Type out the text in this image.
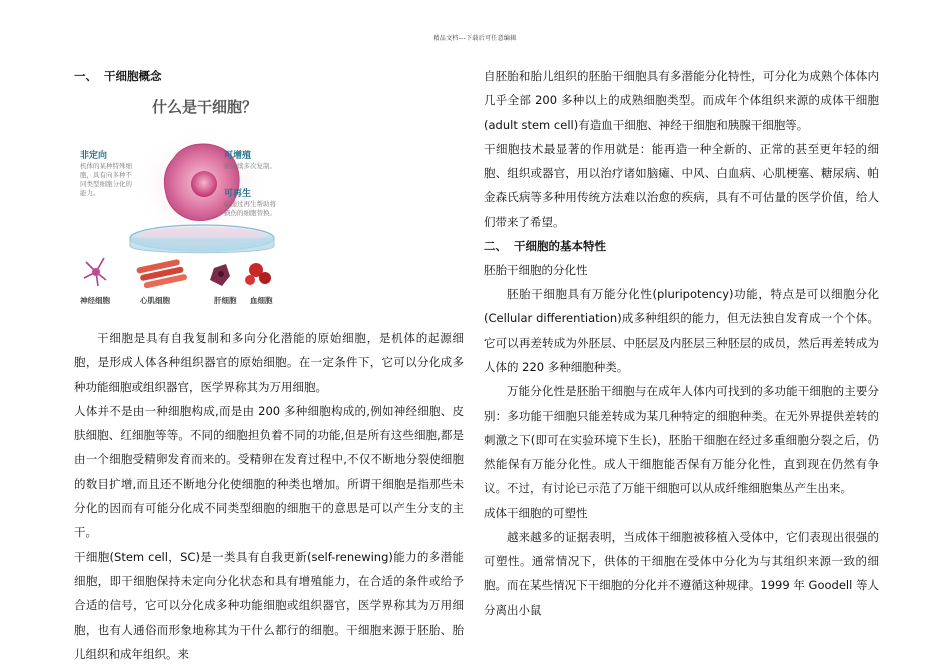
精品文档---下载后可任意编辑
一、 干细胞概念
什么是干细胞？
非定向
机体的某种特殊细
胞，具有向多种不
同类型细胞分化的
能力。
可增殖
能持续多次复制。
可再生
能通过再生帮助将
损伤的细胞替换。
神经细胞	心肌细胞	肝细胞 血细胞

干细胞是具有自我复制和多向分化潜能的原始细胞，是机体的起源细胞，是形成人体各种组织器官的原始细胞。在一定条件下，它可以分化成多种功能细胞或组织器官，医学界称其为万用细胞。

人体并不是由一种细胞构成,而是由 200 多种细胞构成的,例如神经细胞、皮肤细胞、红细胞等等。不同的细胞担负着不同的功能,但是所有这些细胞,都是由一个细胞受精卵发育而来的。受精卵在发育过程中,不仅不断地分裂使细胞的数目扩增,而且还不断地分化使细胞的种类也增加。所谓干细胞是指那些未分化的因而有可能分化成不同类型细胞的细胞干的意思是可以产生分支的主干。

干细胞(Stem cell，SC)是一类具有自我更新(self-renewing)能力的多潜能细胞，即干细胞保持未定向分化状态和具有增殖能力，在合适的条件或给予合适的信号，它可以分化成多种功能细胞或组织器官，医学界称其为万用细胞，也有人通俗而形象地称其为干什么都行的细胞。干细胞来源于胚胎、胎儿组织和成年组织。来

自胚胎和胎儿组织的胚胎干细胞具有多潜能分化特性，可分化为成熟个体体内几乎全部 200 多种以上的成熟细胞类型。而成年个体组织来源的成体干细胞(adult stem cell)有造血干细胞、神经干细胞和胰腺干细胞等。

干细胞技术最显著的作用就是：能再造一种全新的、正常的甚至更年轻的细胞、组织或器官，用以治疗诸如脑瘫、中风、白血病、心肌梗塞、糖尿病、帕金森氏病等多种用传统方法难以治愈的疾病，具有不可估量的医学价值，给人们带来了希望。

二、 干细胞的基本特性
胚胎干细胞的分化性

胚胎干细胞具有万能分化性(pluripotency)功能，特点是可以细胞分化(Cellular differentiation)成多种组织的能力，但无法独自发育成一个个体。它可以再差转成为外胚层、中胚层及内胚层三种胚层的成员，然后再差转成为人体的 220 多种细胞种类。

万能分化性是胚胎干细胞与在成年人体内可找到的多功能干细胞的主要分别：多功能干细胞只能差转成为某几种特定的细胞种类。在无外界提供差转的刺激之下(即可在实验环境下生长)，胚胎干细胞在经过多重细胞分裂之后，仍然能保有万能分化性。成人干细胞能否保有万能分化性，直到现在仍然有争议。不过，有讨论已示范了万能干细胞可以从成纤维细胞集丛产生出来。

成体干细胞的可塑性

越来越多的证据表明，当成体干细胞被移植入受体中，它们表现出很强的可塑性。通常情况下，供体的干细胞在受体中分化为与其组织来源一致的细胞。而在某些情况下干细胞的分化并不遵循这种规律。1999 年 Goodell 等人分离出小鼠
